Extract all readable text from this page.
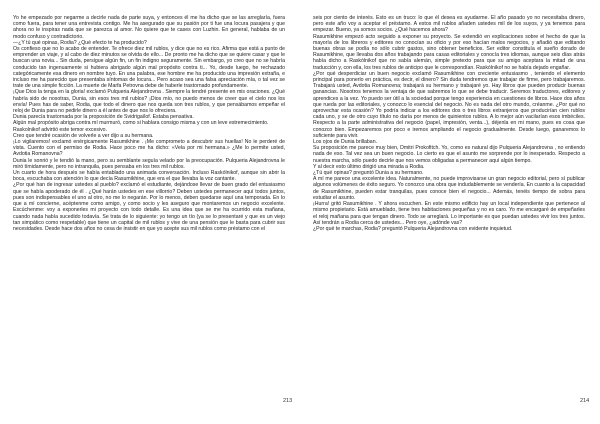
Yo he empezado por negarme a decirle nada de parte suya, y entonces él me ha dicho que se las arreglaría, fuera como fuera, para tener una entrevista contigo. Me ha asegurado que su pasión por ti fue una locura pasajera y que ahora no le inspiras nada que se parezca al amor. No quiere que te cases con Luzhin. En general, hablaba de un modo confuso y contradictorio.

—¿Y tú qué opinas, Rodia? ¿Qué efecto te ha producido?

Os confieso que no lo acabo de entender. Te ofrece diez mil rublos, y dice que no es rico. Afirma que está a punto de emprender un viaje, y al cabo de diez minutos se olvida de ello... De pronto me ha dicho que se quiere casar y que le buscan una novia... Sin duda, persigue algún fin, un fin indigno seguramente. Sin embargo, yo creo que no se habría conducido tan ingenuamente si hubiera abrigado algún mal propósito contra ti... Yo, desde luego, he rechazado categóricamente esa dinero en nombre tuyo. En una palabra, ese hombre me ha producido una impresión extraña, e incluso me ha parecido que presentaba síntomas de locura... Pero acaso sea una falsa apreciación mía, o tal vez se trate de una simple ficción. La muerte de Marfa Petrovna debe de haberle trastornado profundamente.

¡Que Dios la tenga en la gloria! exclamó Pulqueria Alejandrovna . Siempre la tendré presente en mis oraciones. ¿Qué habría sido de nosotras, Dunia, sin esos tres mil rublos? ¡Dios mío, no puedo menos de creer que el cielo nos los envía! Pues has de saber, Rodia, que todo el dinero que nos queda son tres rublos, y que pensábamos empeñar el reloj de Dunia para no pedirle dinero a él antes de que nos lo ofreciera.

Dunia parecía trastornada por la proposición de Svidrigaïlof. Estaba pensativa.

Algún mal propósito abriga contra mí murmuró, como si hablara consigo misma y con un leve estremecimiento.

Raskolnikof advirtió este temor excesivo.

Creo que tendré ocasión de volverle a ver dijo a su hermana.

¡Lo vigilaremos! exclamó enérgicamente Rasumikhine . ¡Me comprometo a descubrir sus huellas! No le perderé de vista. Cuento con el permiso de Rodia. Hace poco me ha dicho: «Vela por mi hermana.» ¿Me lo permite usted, Avdotia Romanovna?

Dunia le sonrió y le tendió la mano, pero su semblante seguía velado por la preocupación. Pulqueria Alejandrovna le miró tímidamente, pero no intranquila, pues pensaba en los tres mil rublos.

Un cuarto de hora después se había entablado una animada conversación. Incluso Raskólnikof, aunque sin abrir la boca, escuchaba con atención lo que decía Rasumikhine, que era el que llevaba la voz cantante.

¿Por qué han de ingresar ustedes al pueblo? exclamó el estudiante, dejándose llevar de buen grado del entusiasmo que se había apoderado de él . ¿Qué harán ustedes en ese villorrio? Deben ustedes permanecer aquí todos juntos, pues son indispensables el uno al otro, no me lo negarán. Por lo menos, deben quedarse aquí una temporada. En lo que a mí concierne, acéptenme como amigo, y como socio y les aseguro que montaremos un negocio excelente. Escúchenme: voy a exponerles mi proyecto con todo detalle. Es una idea que se me ha ocurrido esta mañana, cuando nada había sucedido todavía. Se trata de lo siguiente: yo tengo un tío (ya se lo presentaré y que es un viejo tan simpático como respetable) que tiene un capital de mil rublos y vive de una pensión que le basta para cubrir sus necesidades. Desde hace dos años no cesa de insistir en que yo acepte sus mil rublos como préstamo con el

213

seis por ciento de interés. Esto es un truco: lo que él desea es ayudarme. El año pasado yo no necesitaba dinero, pero este año voy a aceptar el préstamo. A estos mil rublos añaden ustedes mil de los suyos, y ya tenemos para empezar. Bueno, ya somos socios. ¿Qué hacemos ahora?

Rasumikhine empezó acto seguido a exponer su proyecto. Se extendió en explicaciones sobre el hecho de que la mayoría de los libreros y editores no conocían su oficio y por eso hacían malos negocios, y añadió que editando buenas obras se podía no sólo cubrir gastos, sino obtener beneficios. Ser editor constituía el sueño dorado de Rasumikhine, que llevaba dos años trabajando para casas editoriales y conocía tres idiomas, aunque seis días atrás había dicho a Raskólnikof que no sabía alemán, simple pretexto para que su amigo aceptara la mitad de una traducción y, con ella, los tres rublos de anticipo que le correspondían. Raskólnikof no se había dejado engañar.

¿Por qué desperdiciar un buen negocio exclamó Rasumikhine con creciente entusiasmo , teniendo el elemento principal para ponerlo en práctica, es decir, el dinero? Sin duda tendremos que trabajar de firme, pero trabajaremos. Trabajará usted, Avdotia Romanovna; trabajará su hermano y trabajaré yo. Hay libros que pueden producir buenas ganancias. Nosotros tenemos la ventaja de que sabremos lo que se debe traducir. Seremos traductores, editores y aprendices a la vez. Yo puedo ser útil a la sociedad porque tengo experiencia en cuestiones de libros. Hace dos años que rueda por las editoriales, y conozco lo esencial del negocio. No es nada del otro mundo, créanme. ¿Por qué no aprovechar esta ocasión? Yo podría indicar a los editores dos o tres libros extranjeros que producirían cien rublos cada uno, y se de otro cuyo título no daría por menos de quinientos rublos. A lo mejor aún vacilarían esos imbéciles. Respecto a la parte administrativa del negocio (papel, impresión, venta...), déjenla en mi mano, pues es cosa que conozco bien. Empezaremos por poco e iremos ampliando el negocio gradualmente. Desde luego, ganaremos lo suficiente para vivir.

Los ojos de Dunia brillaban.

Su proposición me parece muy bien, Dmitri Prokofitch. Yo, como es natural dijo Pulqueria Alejandrovna , no entiendo nada de eso. Tal vez sea un buen negocio. Lo cierto es que el asunto me sorprende por lo inesperado. Respecto a nuestra marcha, sólo puedo decirle que nos vemos obligadas a permanecer aquí algún tiempo.

Y al decir esto último dirigió una mirada a Rodia.

¿Tú qué opinas? preguntó Dunia a su hermano.

A mí me parece una excelente idea. Naturalmente, no puede improvisarse un gran negocio editorial, pero sí publicar algunos volúmenes de éxito seguro. Yo conozco una obra que indudablemente se vendería. En cuanto a la capacidad de Rasumikhine, pueden estar tranquilas, pues conoce bien el negocio... Además, tenéis tiempo de sobra para estudiar el asunto.

¡Hurra! gritó Rasumikhine . Y ahora escuchen. En este mismo edificio hay un local independiente que pertenece al mismo propietario. Está amueblado, tiene tres habitaciones pequeñas y no es caro. Yo me encargaré de empeñarles el reloj mañana para que tengan dinero. Todo se arreglará. Lo importante es que puedan ustedes vivir los tres juntos. Así tendrán a Rodia cerca de ustedes... Pero oye, ¿adónde vas?

¿Por qué te marchas, Rodia? preguntó Pulqueria Alejandrovna con evidente inquietud.

214
